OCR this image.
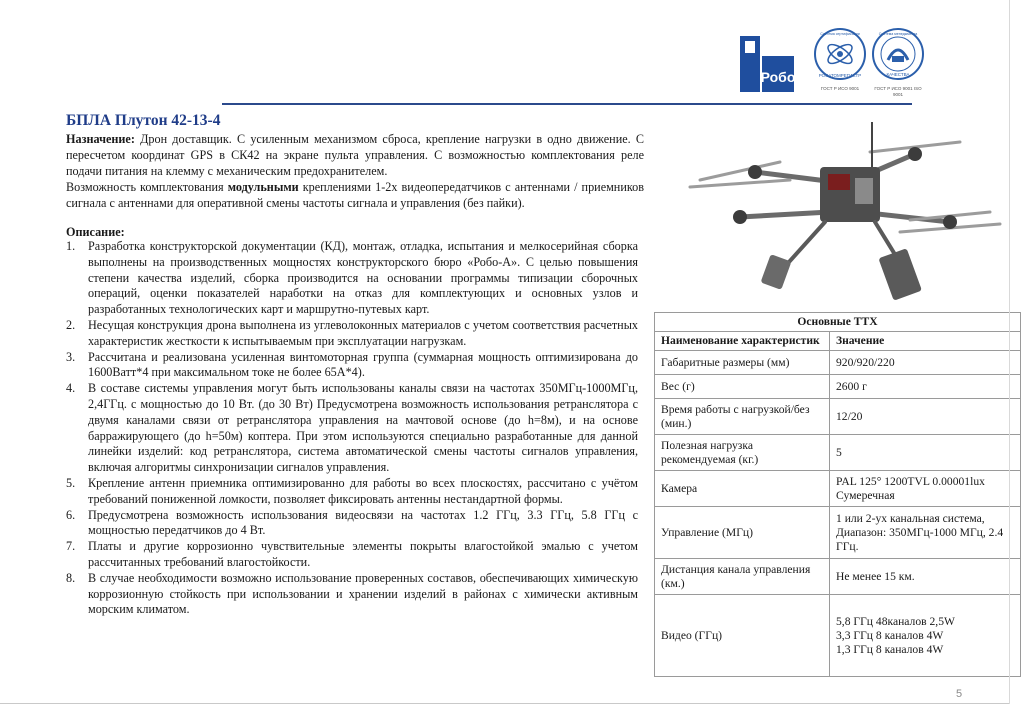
Робо	РОСАТОМРЕГИСТР
Система сертификации
ГОСТ Р ИСО 9001
КАЧЕСТВА
Система менеджмента
ГОСТ Р ИСО 9001 ISO 9001
БПЛА Плутон 42-13-4
Назначение: Дрон доставщик. С усиленным механизмом сброса, крепление нагрузки в одно движение. С пересчетом координат GPS в СК42 на экране пульта управления. С возможностью комплектования реле подачи питания на клемму с механическим предохранителем.
Возможность комплектования модульными креплениями 1-2х видеопередатчиков с антеннами / приемников сигнала с антеннами для оперативной смены частоты сигнала и управления (без пайки).
Описание:
1. Разработка конструкторской документации (КД), монтаж, отладка, испытания и мелкосерийная сборка выполнены на производственных мощностях конструкторского бюро «Робо-А». С целью повышения степени качества изделий, сборка производится на основании программы типизации сборочных операций, оценки показателей наработки на отказ для комплектующих и основных узлов и разработанных технологических карт и маршрутно-путевых карт.
2. Несущая конструкция дрона выполнена из углеволоконных материалов с учетом соответствия расчетных характеристик жесткости к испытываемым при эксплуатации нагрузкам.
3. Рассчитана и реализована усиленная винтомоторная группа (суммарная мощность оптимизирована до 1600Ватт*4 при максимальном токе не более 65А*4).
4. В составе системы управления могут быть использованы каналы связи на частотах 350МГц-1000МГц, 2,4ГГц. с мощностью до 10 Вт. (до 30 Вт) Предусмотрена возможность использования ретранслятора с двумя каналами связи от ретранслятора управления на мачтовой основе (до h=8м), и на основе барражирующего (до h=50м) коптера. При этом используются специально разработанные для данной линейки изделий: код ретранслятора, система автоматической смены частоты сигналов управления, включая алгоритмы синхронизации сигналов управления.
5. Крепление антенн приемника оптимизированно для работы во всех плоскостях, рассчитано с учётом требований пониженной ломкости, позволяет фиксировать антенны нестандартной формы.
6. Предусмотрена возможность использования видеосвязи на частотах 1.2 ГГц, 3.3 ГГц, 5.8 ГГц с мощностью передатчиков до 4 Вт.
7. Платы и другие коррозионно чувствительные элементы покрыты влагостойкой эмалью с учетом рассчитанных требований влагостойкости.
8. В случае необходимости возможно использование проверенных составов, обеспечивающих химическую коррозионную стойкость при использовании и хранении изделий в районах с химически активным морским климатом.
Основные ТТХ	
Наименование характеристик	Значение
Габаритные размеры (мм)	920/920/220
Вес (г)	2600 г
Время работы с нагрузкой/без (мин.)	12/20
Полезная нагрузка рекомендуемая (кг.)	5
Камера	PAL 125° 1200TVL 0.00001lux Сумеречная
Управление (МГц)	1 или 2-ух канальная система, Диапазон: 350МГц-1000 МГц, 2.4 ГГц.
Дистанция канала управления (км.)	Не менее 15 км.
Видео (ГГц)	5,8 ГГц 48каналов 2,5W
3,3 ГГц 8 каналов 4W
1,3 ГГц 8 каналов 4W
5
